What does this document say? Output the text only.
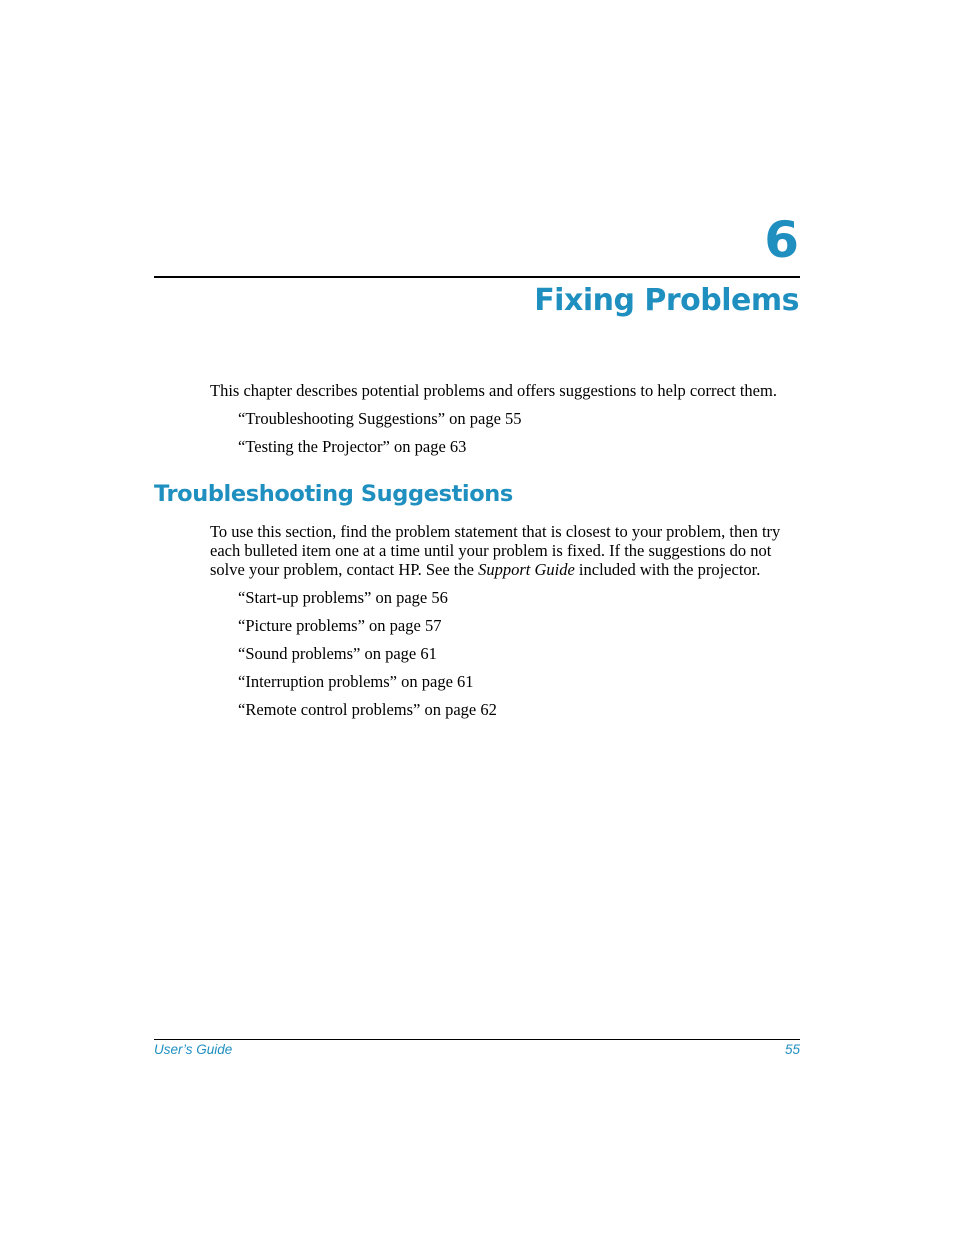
6
Fixing Problems

This chapter describes potential problems and offers suggestions to help correct them.

“Troubleshooting Suggestions” on page 55
“Testing the Projector” on page 63
Troubleshooting Suggestions

To use this section, find the problem statement that is closest to your problem, then try each bulleted item one at a time until your problem is fixed. If the suggestions do not solve your problem, contact HP. See the Support Guide included with the projector.

“Start-up problems” on page 56
“Picture problems” on page 57
“Sound problems” on page 61
“Interruption problems” on page 61
“Remote control problems” on page 62
User’s Guide	55
